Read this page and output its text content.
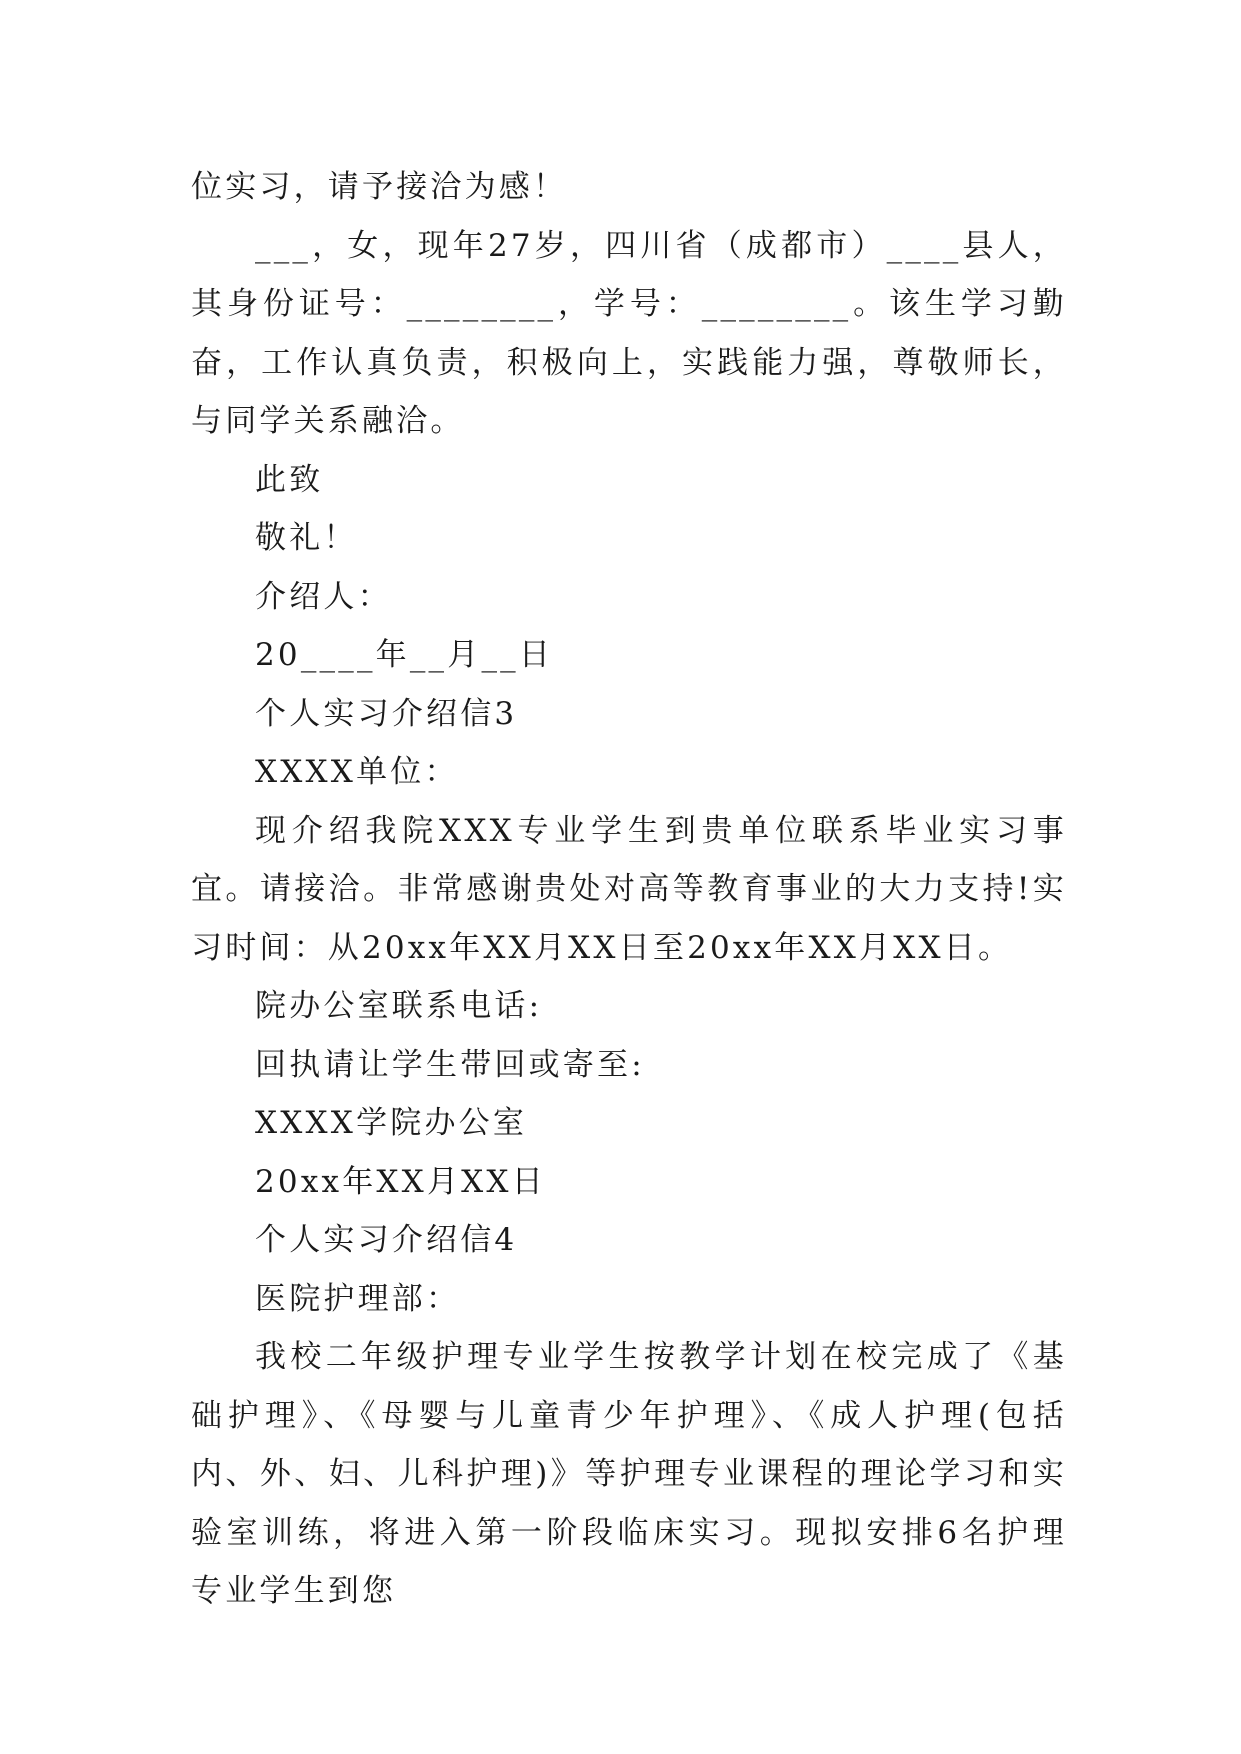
位实习，请予接洽为感！

___，女，现年27岁，四川省（成都市）____县人，其身份证号：________，学号：________。该生学习勤奋，工作认真负责，积极向上，实践能力强，尊敬师长，与同学关系融洽。

此致

敬礼！

介绍人：

20____年__月__日

个人实习介绍信3

XXXX单位：

现介绍我院XXX专业学生到贵单位联系毕业实习事宜。请接洽。非常感谢贵处对高等教育事业的大力支持!实习时间：从20xx年XX月XX日至20xx年XX月XX日。

院办公室联系电话:

回执请让学生带回或寄至:

XXXX学院办公室

20xx年XX月XX日

个人实习介绍信4

医院护理部：

我校二年级护理专业学生按教学计划在校完成了《基础护理》、《母婴与儿童青少年护理》、《成人护理(包括内、外、妇、儿科护理)》等护理专业课程的理论学习和实验室训练，将进入第一阶段临床实习。现拟安排6名护理专业学生到您
